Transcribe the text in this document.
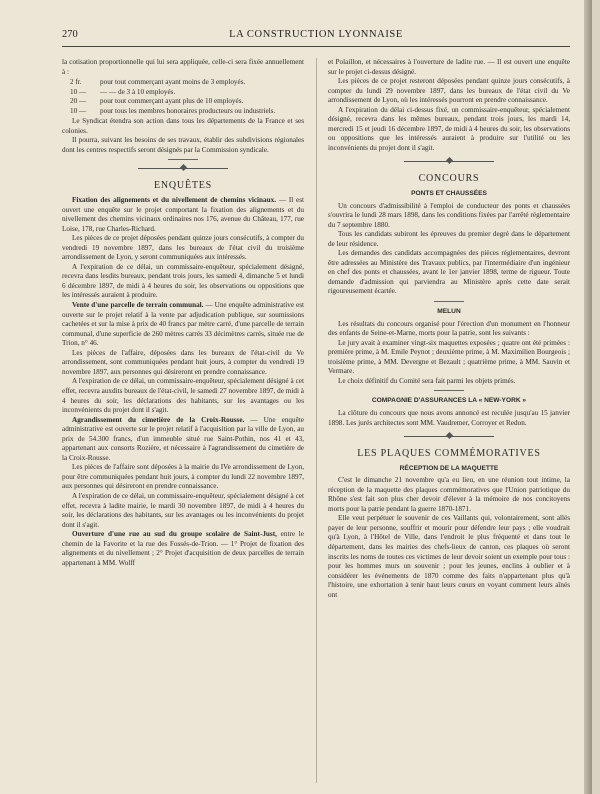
270	LA CONSTRUCTION LYONNAISE

la cotisation proportionnelle qui lui sera appliquée, celle-ci sera fixée annuellement à :

2 fr.	pour tout commerçant ayant moins de 3 employés.
10 —	— — de 3 à 10 employés.
20 —	pour tout commerçant ayant plus de 10 employés.
10 —	pour tous les membres honoraires producteurs ou industriels.

Le Syndicat étendra son action dans tous les départements de la France et ses colonies.

Il pourra, suivant les besoins de ses travaux, établir des subdivisions régionales dont les centres respectifs seront désignés par la Commission syndicale.

ENQUÊTES

Fixation des alignements et du nivellement de chemins vicinaux. — Il est ouvert une enquête sur le projet comportant la fixation des alignements et du nivellement des chemins vicinaux ordinaires nos 176, avenue du Château, 177, rue Loise, 178, rue Charles-Richard.

Les pièces de ce projet déposées pendant quinze jours consécutifs, à compter du vendredi 19 novembre 1897, dans les bureaux de l'état civil du troisième arrondissement de Lyon, y seront communiquées aux intéressés.

A l'expiration de ce délai, un commissaire-enquêteur, spécialement désigné, recevra dans lesdits bureaux, pendant trois jours, les samedi 4, dimanche 5 et lundi 6 décembre 1897, de midi à 4 heures du soir, les observations ou oppositions que les intéressés auraient à produire.

Vente d'une parcelle de terrain communal. — Une enquête administrative est ouverte sur le projet relatif à la vente par adjudication publique, sur soumissions cachetées et sur la mise à prix de 40 francs par mètre carré, d'une parcelle de terrain communal, d'une superficie de 260 mètres carrés 33 décimètres carrés, située rue de Trion, n° 46.

Les pièces de l'affaire, déposées dans les bureaux de l'état-civil du Ve arrondissement, sont communiquées pendant huit jours, à compter du vendredi 19 novembre 1897, aux personnes qui désireront en prendre connaissance.

A l'expiration de ce délai, un commissaire-enquêteur, spécialement désigné à cet effet, recevra auxdits bureaux de l'état-civil, le samedi 27 novembre 1897, de midi à 4 heures du soir, les déclarations des habitants, sur les avantages ou les inconvénients du projet dont il s'agit.

Agrandissement du cimetière de la Croix-Rousse. — Une enquête administrative est ouverte sur le projet relatif à l'acquisition par la ville de Lyon, au prix de 54.300 francs, d'un immeuble situé rue Saint-Pothin, nos 41 et 43, appartenant aux consorts Rozière, et nécessaire à l'agrandissement du cimetière de la Croix-Rousse.

Les pièces de l'affaire sont déposées à la mairie du IVe arrondissement de Lyon, pour être communiquées pendant huit jours, à compter du lundi 22 novembre 1897, aux personnes qui désireront en prendre connaissance.

A l'expiration de ce délai, un commissaire-enquêteur, spécialement désigné à cet effet, recevra à ladite mairie, le mardi 30 novembre 1897, de midi à 4 heures du soir, les déclarations des habitants, sur les avantages ou les inconvénients du projet dont il s'agit.

Ouverture d'une rue au sud du groupe scolaire de Saint-Just, entre le chemin de la Favorite et la rue des Fossés-de-Trion. — 1° Projet de fixation des alignements et du nivellement ; 2° Projet d'acquisition de deux parcelles de terrain appartenant à MM. Wolff

et Polaillon, et nécessaires à l'ouverture de ladite rue. — Il est ouvert une enquête sur le projet ci-dessus désigné.

Les pièces de ce projet resteront déposées pendant quinze jours consécutifs, à compter du lundi 29 novembre 1897, dans les bureaux de l'état civil du Ve arrondissement de Lyon, où les intéressés pourront en prendre connaissance.

A l'expiration du délai ci-dessus fixé, un commissaire-enquêteur, spécialement désigné, recevra dans les mêmes bureaux, pendant trois jours, les mardi 14, mercredi 15 et jeudi 16 décembre 1897, de midi à 4 heures du soir, les observations ou oppositions que les intéressés auraient à produire sur l'utilité ou les inconvénients du projet dont il s'agit.

CONCOURS
PONTS ET CHAUSSÉES

Un concours d'admissibilité à l'emploi de conducteur des ponts et chaussées s'ouvrira le lundi 28 mars 1898, dans les conditions fixées par l'arrêté réglementaire du 7 septembre 1880.

Tous les candidats subiront les épreuves du premier degré dans le département de leur résidence.

Les demandes des candidats accompagnées des pièces réglementaires, devront être adressées au Ministère des Travaux publics, par l'intermédiaire d'un ingénieur en chef des ponts et chaussées, avant le 1er janvier 1898, terme de rigueur. Toute demande d'admission qui parviendra au Ministère après cette date serait rigoureusement écartée.

MELUN

Les résultats du concours organisé pour l'érection d'un monument en l'honneur des enfants de Seine-et-Marne, morts pour la patrie, sont les suivants :

Le jury avait à examiner vingt-six maquettes exposées ; quatre ont été primées : première prime, à M. Emile Peynot ; deuxième prime, à M. Maximilien Bourgeois ; troisième prime, à MM. Devergne et Bezault ; quatrième prime, à MM. Sauvin et Vermare.

Le choix définitif du Comité sera fait parmi les objets primés.

COMPAGNIE D'ASSURANCES LA « NEW-YORK »

La clôture du concours que nous avons annoncé est reculée jusqu'au 15 janvier 1898. Les jurés architectes sont MM. Vaudremer, Corroyer et Redon.

LES PLAQUES COMMÉMORATIVES
RÉCEPTION DE LA MAQUETTE

C'est le dimanche 21 novembre qu'a eu lieu, en une réunion tout intime, la réception de la maquette des plaques commémoratives que l'Union patriotique du Rhône s'est fait son plus cher devoir d'élever à la mémoire de nos concitoyens morts pour la patrie pendant la guerre 1870-1871.

Elle veut perpétuer le souvenir de ces Vaillants qui, volontairement, sont allés payer de leur personne, souffrir et mourir pour défendre leur pays ; elle voudrait qu'à Lyon, à l'Hôtel de Ville, dans l'endroit le plus fréquenté et dans tout le département, dans les mairies des chefs-lieux de canton, ces plaques où seront inscrits les noms de toutes ces victimes de leur devoir soient un exemple pour tous : pour les hommes murs un souvenir ; pour les jeunes, enclins à oublier et à considérer les événements de 1870 comme des faits n'appartenant plus qu'à l'histoire, une exhortation à tenir haut leurs cœurs en voyant comment leurs aînés ont
